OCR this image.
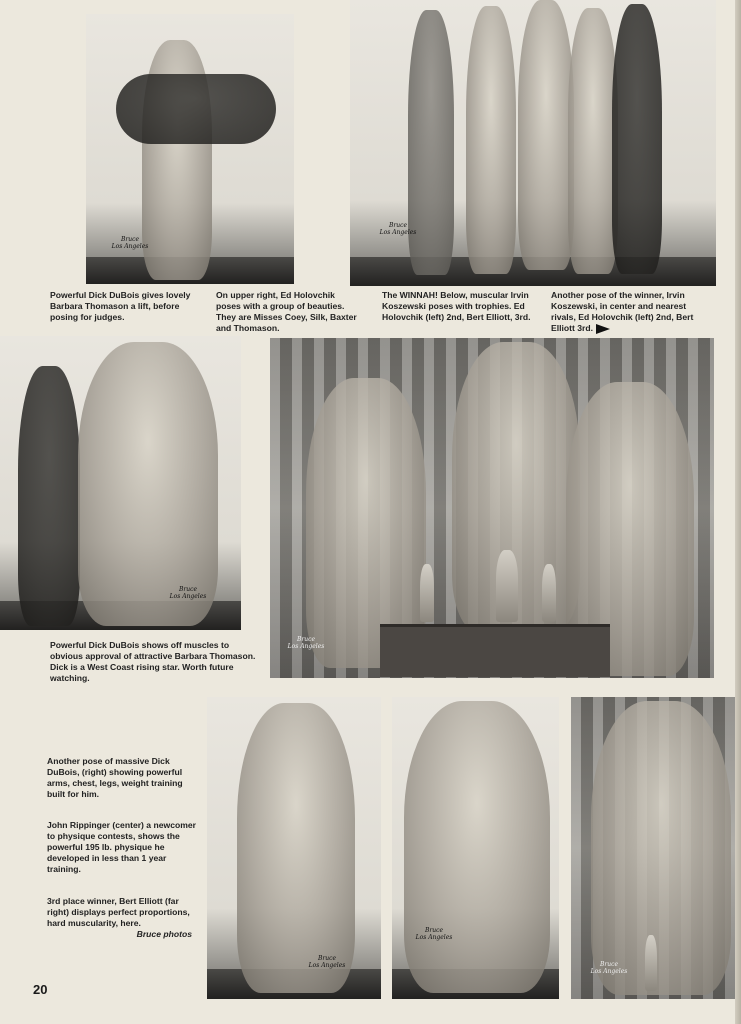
Bruce
Los Angeles
Bruce
Los Angeles

Powerful Dick DuBois gives lovely Barbara Thomason a lift, before posing for judges.

On upper right, Ed Holovchik poses with a group of beauties. They are Misses Coey, Silk, Baxter and Thomason.

The WINNAH! Below, muscular Irvin Koszewski poses with trophies. Ed Holovchik (left) 2nd, Bert Elliott, 3rd.

Another pose of the winner, Irvin Koszewski, in center and nearest rivals, Ed Holovchik (left) 2nd, Bert Elliott 3rd.

Bruce
Los Angeles
Bruce
Los Angeles

Powerful Dick DuBois shows off muscles to obvious approval of attractive Barbara Thomason. Dick is a West Coast rising star. Worth future watching.

Another pose of massive Dick DuBois, (right) showing powerful arms, chest, legs, weight training built for him.

John Rippinger (center) a newcomer to physique contests, shows the powerful 195 lb. physique he developed in less than 1 year training.

3rd place winner, Bert Elliott (far right) displays perfect proportions, hard muscularity, here.

Bruce photos

Bruce
Los Angeles
Bruce
Los Angeles
Bruce
Los Angeles
20
